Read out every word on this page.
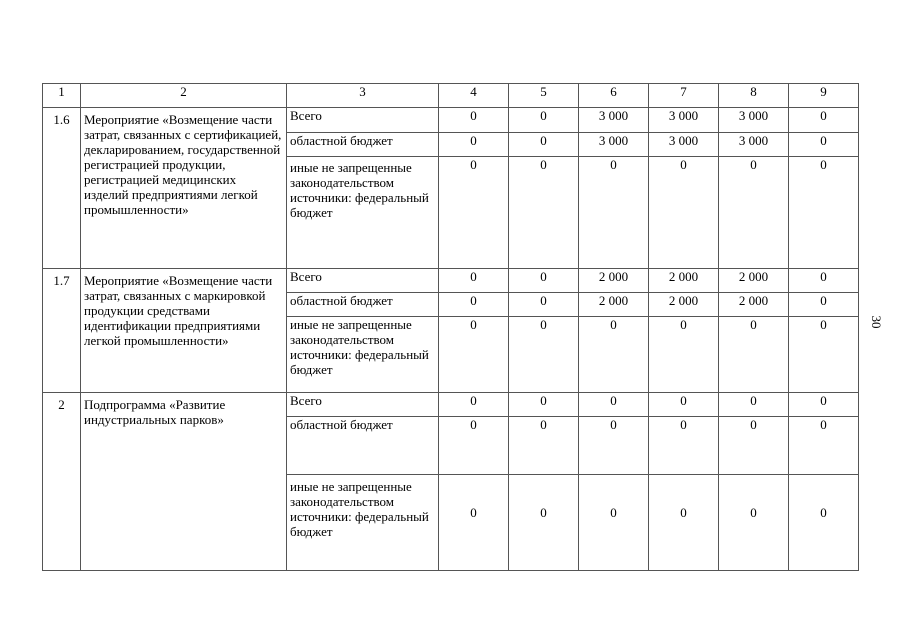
1	2	3	4	5	6	7	8	9
1.6	Мероприятие «Возмещение части затрат, связанных с сертификацией, декларированием, государственной регистрацией продукции, регистрацией медицинских изделий предприятиями легкой промышленности»	Всего	0	0	3 000	3 000	3 000	0
		областной бюджет	0	0	3 000	3 000	3 000	0
		иные не запрещенные законодательством источники: федеральный бюджет	0	0	0	0	0	0
1.7	Мероприятие «Возмещение части затрат, связанных с маркировкой продукции средствами идентификации предприятиями легкой промышленности»	Всего	0	0	2 000	2 000	2 000	0
		областной бюджет	0	0	2 000	2 000	2 000	0
		иные не запрещенные законодательством источники: федеральный бюджет	0	0	0	0	0	0
2	Подпрограмма «Развитие индустриальных парков»	Всего	0	0	0	0	0	0
		областной бюджет	0	0	0	0	0	0
		иные не запрещенные законодательством источники: федеральный бюджет	0	0	0	0	0	0
30
